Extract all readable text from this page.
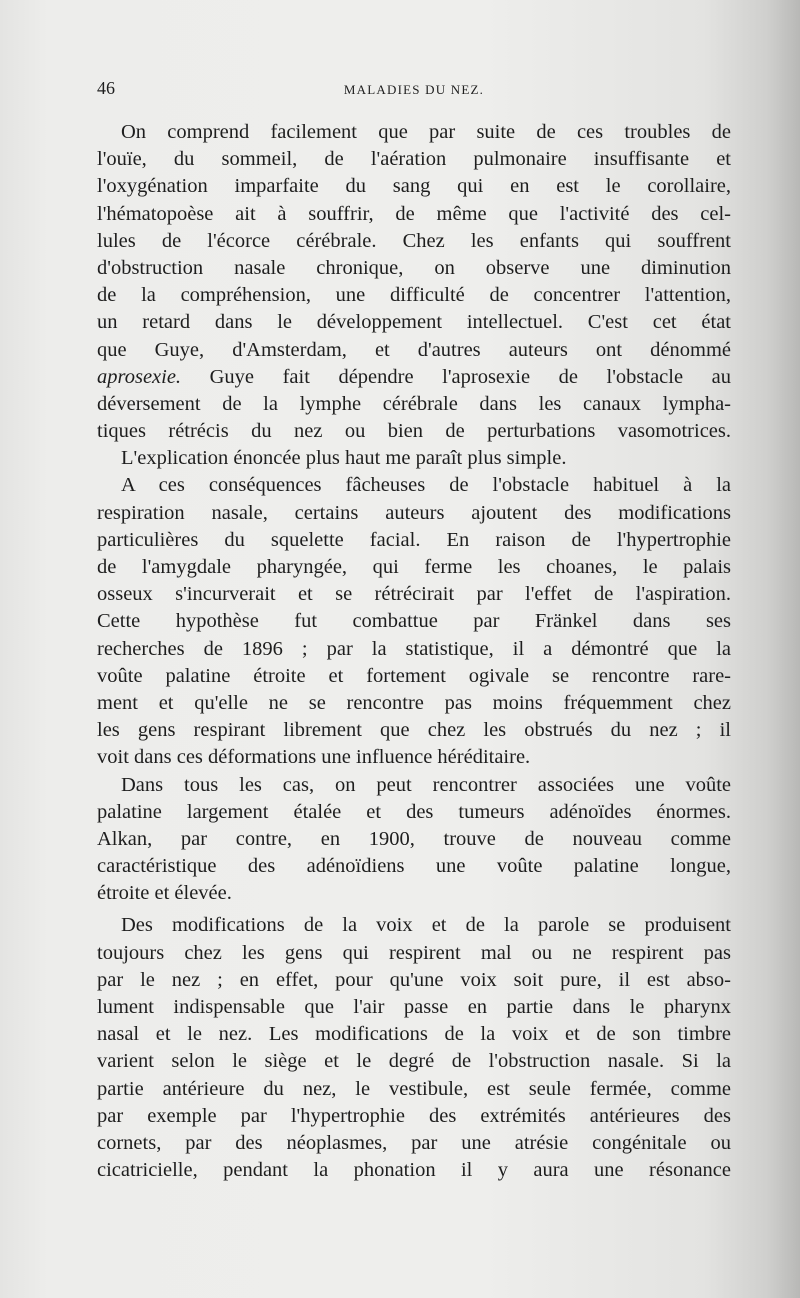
46	MALADIES DU NEZ.
On comprend facilement que par suite de ces troubles de
l'ouïe, du sommeil, de l'aération pulmonaire insuffisante et
l'oxygénation imparfaite du sang qui en est le corollaire,
l'hématopoèse ait à souffrir, de même que l'activité des cel-
lules de l'écorce cérébrale. Chez les enfants qui souffrent
d'obstruction nasale chronique, on observe une diminution
de la compréhension, une difficulté de concentrer l'attention,
un retard dans le développement intellectuel. C'est cet état
que Guye, d'Amsterdam, et d'autres auteurs ont dénommé
aprosexie. Guye fait dépendre l'aprosexie de l'obstacle au
déversement de la lymphe cérébrale dans les canaux lympha-
tiques rétrécis du nez ou bien de perturbations vasomotrices.
L'explication énoncée plus haut me paraît plus simple.
A ces conséquences fâcheuses de l'obstacle habituel à la
respiration nasale, certains auteurs ajoutent des modifications
particulières du squelette facial. En raison de l'hypertrophie
de l'amygdale pharyngée, qui ferme les choanes, le palais
osseux s'incurverait et se rétrécirait par l'effet de l'aspiration.
Cette hypothèse fut combattue par Fränkel dans ses
recherches de 1896 ; par la statistique, il a démontré que la
voûte palatine étroite et fortement ogivale se rencontre rare-
ment et qu'elle ne se rencontre pas moins fréquemment chez
les gens respirant librement que chez les obstrués du nez ; il
voit dans ces déformations une influence héréditaire.
Dans tous les cas, on peut rencontrer associées une voûte
palatine largement étalée et des tumeurs adénoïdes énormes.
Alkan, par contre, en 1900, trouve de nouveau comme
caractéristique des adénoïdiens une voûte palatine longue,
étroite et élevée.
Des modifications de la voix et de la parole se produisent
toujours chez les gens qui respirent mal ou ne respirent pas
par le nez ; en effet, pour qu'une voix soit pure, il est abso-
lument indispensable que l'air passe en partie dans le pharynx
nasal et le nez. Les modifications de la voix et de son timbre
varient selon le siège et le degré de l'obstruction nasale. Si la
partie antérieure du nez, le vestibule, est seule fermée, comme
par exemple par l'hypertrophie des extrémités antérieures des
cornets, par des néoplasmes, par une atrésie congénitale ou
cicatricielle, pendant la phonation il y aura une résonance
